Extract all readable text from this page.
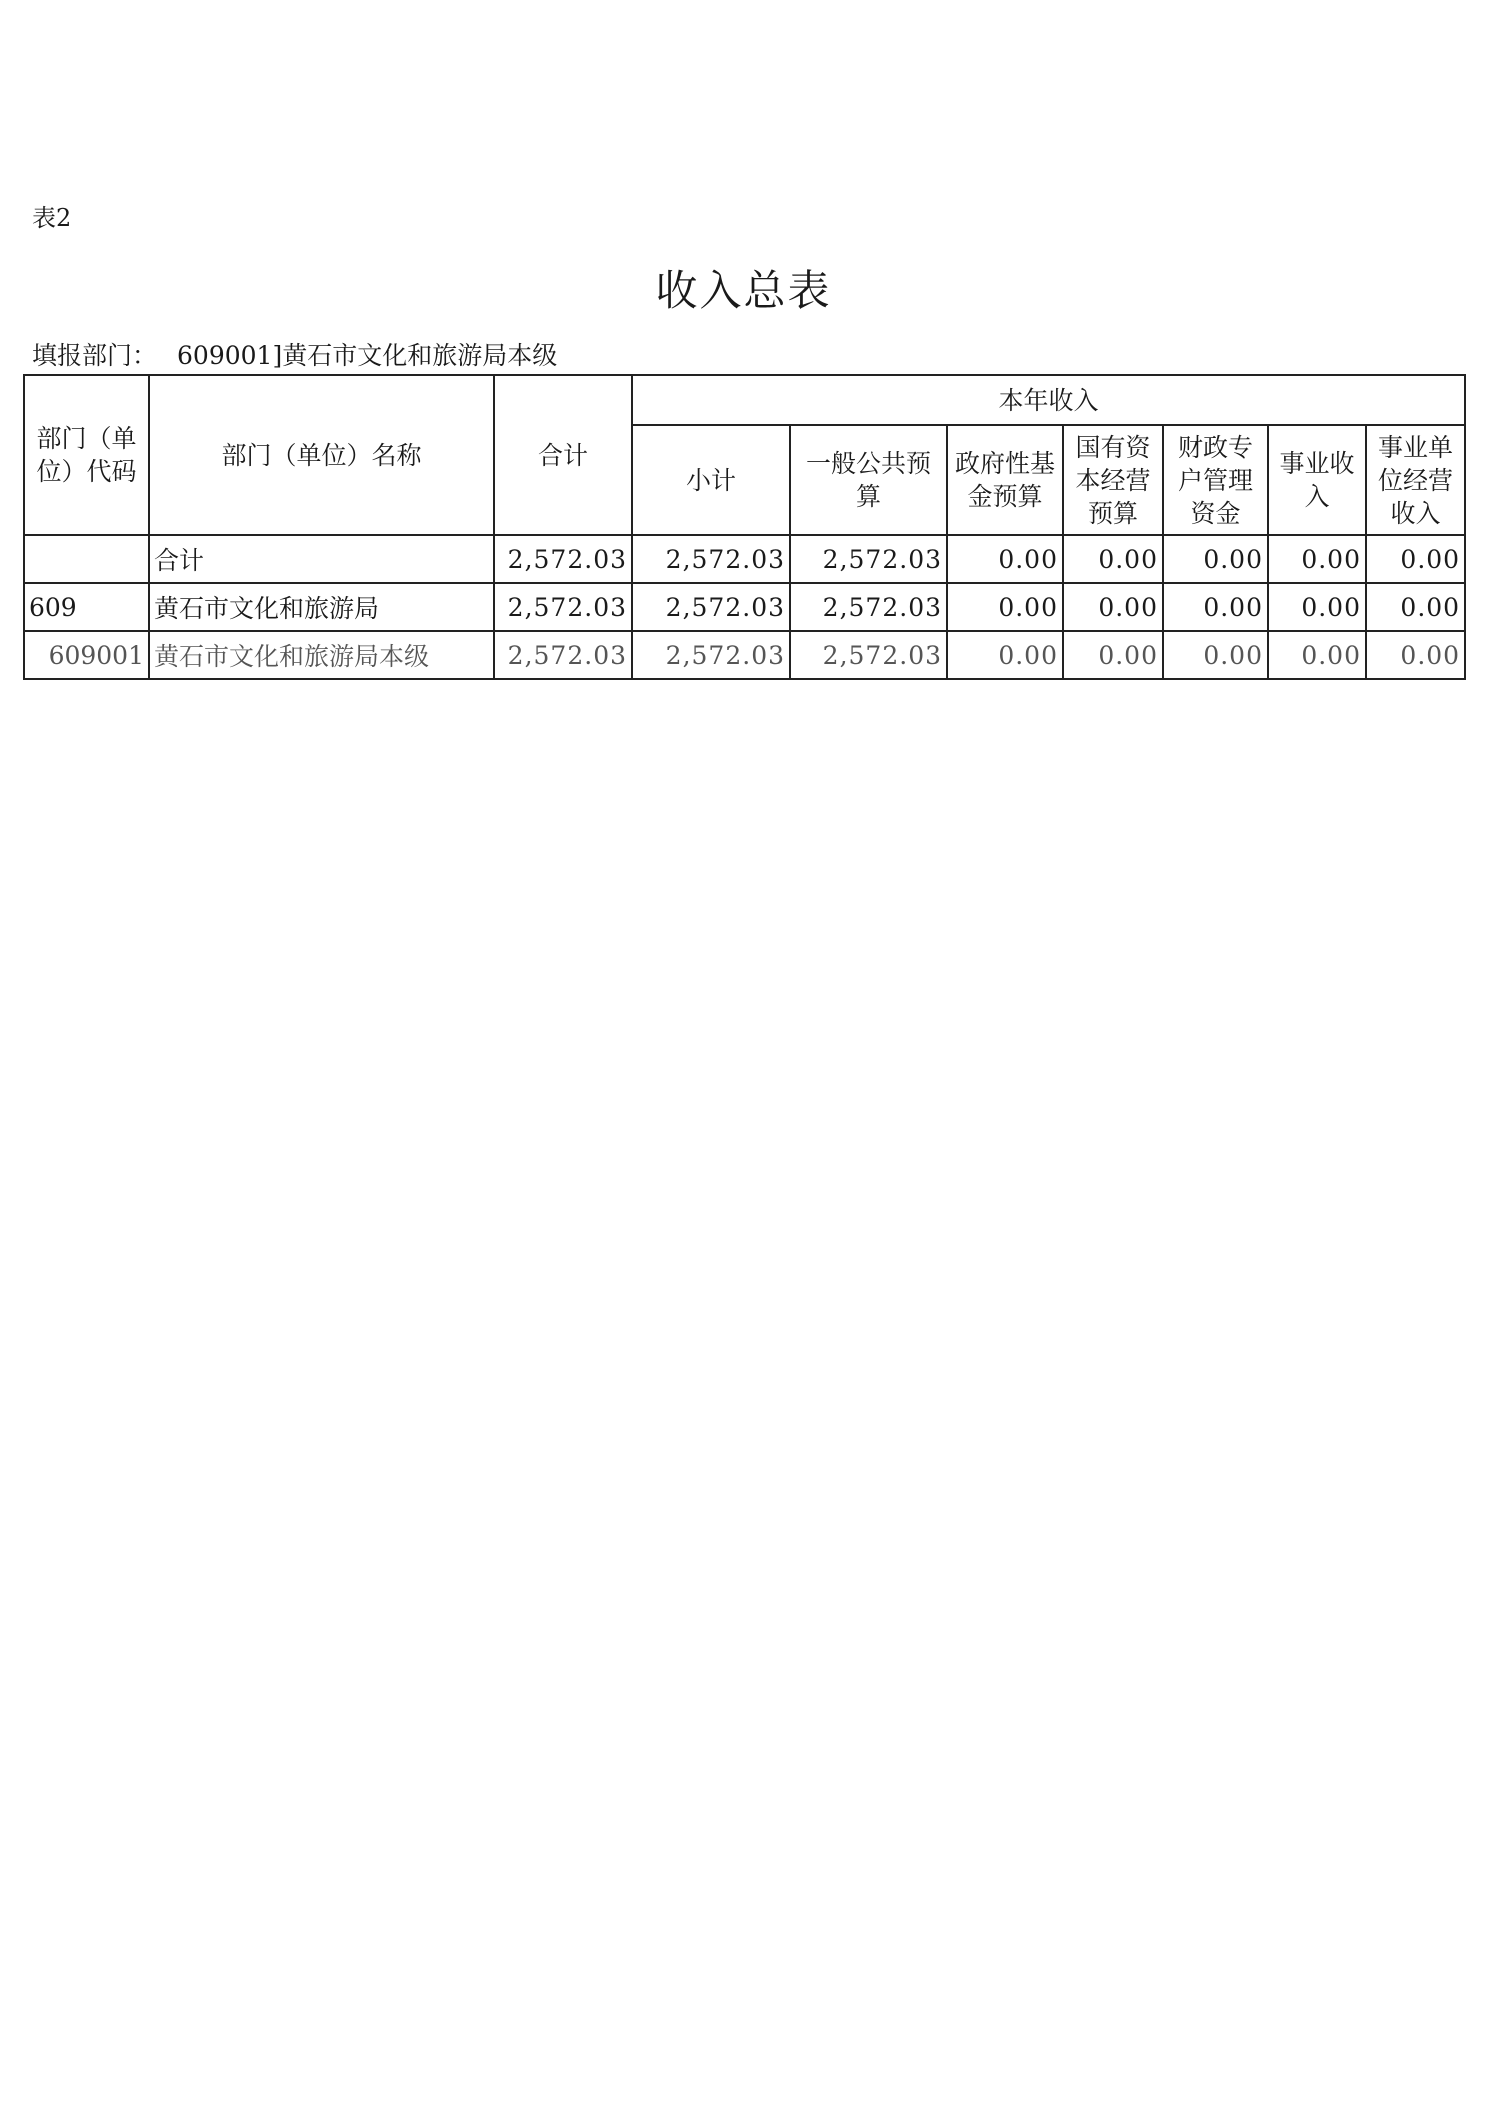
表2
收入总表
填报部门： 609001]黄石市文化和旅游局本级
部门（单位）代码	部门（单位）名称	合计	本年收入						
			小计	一般公共预算	政府性基金预算	国有资本经营预算	财政专户管理资金	事业收入	事业单位经营收入
	合计	2,572.03	2,572.03	2,572.03	0.00	0.00	0.00	0.00	0.00
609	黄石市文化和旅游局	2,572.03	2,572.03	2,572.03	0.00	0.00	0.00	0.00	0.00
609001	黄石市文化和旅游局本级	2,572.03	2,572.03	2,572.03	0.00	0.00	0.00	0.00	0.00
